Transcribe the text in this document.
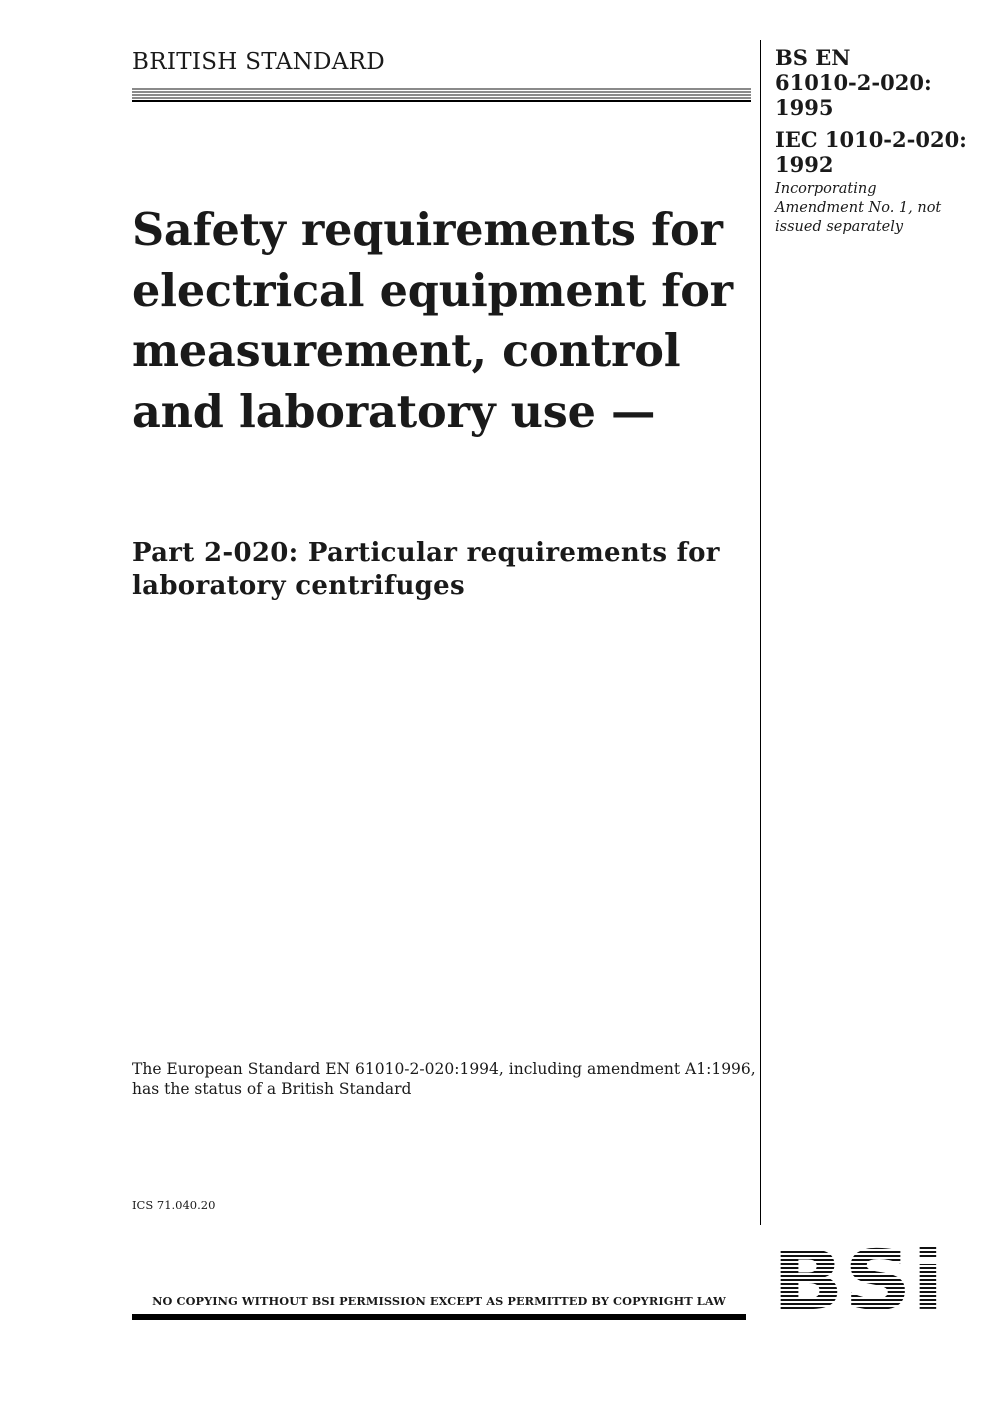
BRITISH STANDARD
Safety requirements for electrical equipment for measurement, control and laboratory use —
Part 2-020: Particular requirements for laboratory centrifuges
The European Standard EN 61010-2-020:1994, including amendment A1:1996, has the status of a British Standard
ICS 71.040.20
NO COPYING WITHOUT BSI PERMISSION EXCEPT AS PERMITTED BY COPYRIGHT LAW
BS EN
61010-2-020:
1995
IEC 1010-2-020:
1992
Incorporating
Amendment No. 1, not
issued separately
